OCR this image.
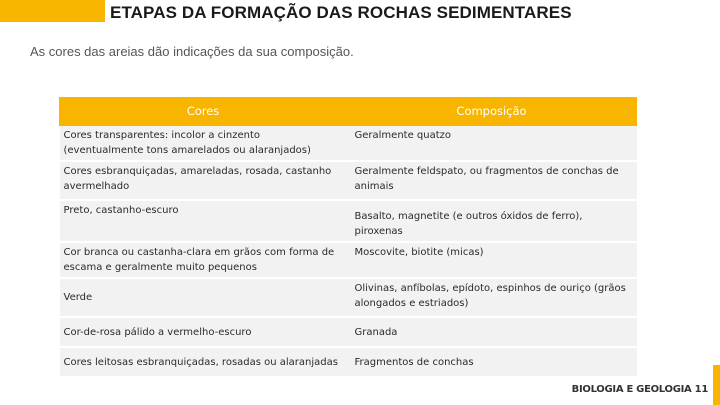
ETAPAS DA FORMAÇÃO DAS ROCHAS SEDIMENTARES
As cores das areias dão indicações da sua composição.
Cores	Composição
Cores transparentes: incolor a cinzento (eventualmente tons amarelados ou alaranjados)	Geralmente quatzo
Cores esbranquiçadas, amareladas, rosada, castanho avermelhado	Geralmente feldspato, ou fragmentos de conchas de animais
Preto, castanho-escuro	Basalto, magnetite (e outros óxidos de ferro), piroxenas
Cor branca ou castanha-clara em grãos com forma de escama e geralmente muito pequenos	Moscovite, biotite (micas)
Verde	Olivinas, anfíbolas, epídoto, espinhos de ouriço (grãos alongados e estriados)
Cor-de-rosa pálido a vermelho-escuro	Granada
Cores leitosas esbranquiçadas, rosadas ou alaranjadas	Fragmentos de conchas
BIOLOGIA E GEOLOGIA 11
